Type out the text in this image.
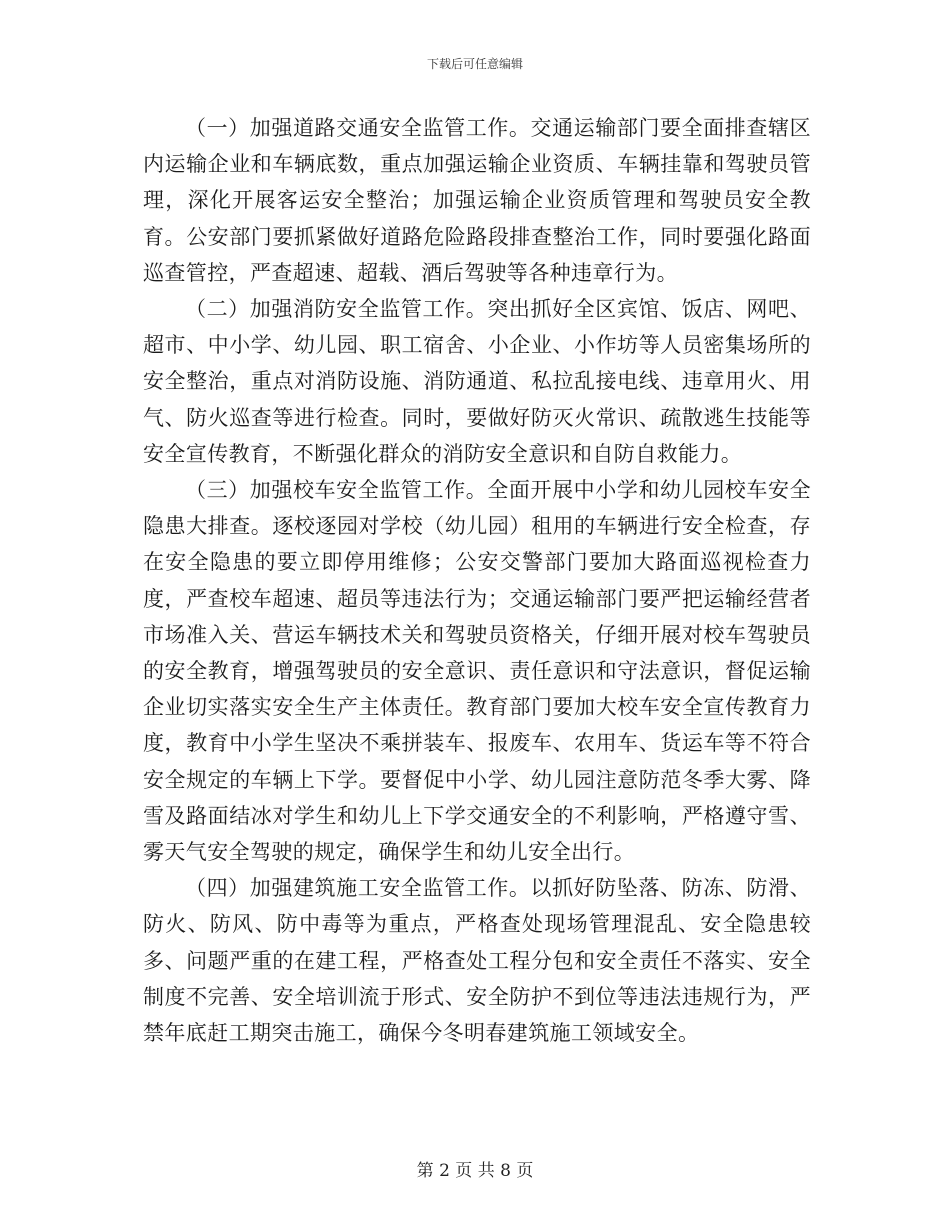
下载后可任意编辑

（一）加强道路交通安全监管工作。交通运输部门要全面排查辖区内运输企业和车辆底数，重点加强运输企业资质、车辆挂靠和驾驶员管理，深化开展客运安全整治；加强运输企业资质管理和驾驶员安全教育。公安部门要抓紧做好道路危险路段排查整治工作，同时要强化路面巡查管控，严查超速、超载、酒后驾驶等各种违章行为。

（二）加强消防安全监管工作。突出抓好全区宾馆、饭店、网吧、超市、中小学、幼儿园、职工宿舍、小企业、小作坊等人员密集场所的安全整治，重点对消防设施、消防通道、私拉乱接电线、违章用火、用气、防火巡查等进行检查。同时，要做好防灭火常识、疏散逃生技能等安全宣传教育，不断强化群众的消防安全意识和自防自救能力。

（三）加强校车安全监管工作。全面开展中小学和幼儿园校车安全隐患大排查。逐校逐园对学校（幼儿园）租用的车辆进行安全检查，存在安全隐患的要立即停用维修；公安交警部门要加大路面巡视检查力度，严查校车超速、超员等违法行为；交通运输部门要严把运输经营者市场准入关、营运车辆技术关和驾驶员资格关，仔细开展对校车驾驶员的安全教育，增强驾驶员的安全意识、责任意识和守法意识，督促运输企业切实落实安全生产主体责任。教育部门要加大校车安全宣传教育力度，教育中小学生坚决不乘拼装车、报废车、农用车、货运车等不符合安全规定的车辆上下学。要督促中小学、幼儿园注意防范冬季大雾、降雪及路面结冰对学生和幼儿上下学交通安全的不利影响，严格遵守雪、雾天气安全驾驶的规定，确保学生和幼儿安全出行。

（四）加强建筑施工安全监管工作。以抓好防坠落、防冻、防滑、防火、防风、防中毒等为重点，严格查处现场管理混乱、安全隐患较多、问题严重的在建工程，严格查处工程分包和安全责任不落实、安全制度不完善、安全培训流于形式、安全防护不到位等违法违规行为，严禁年底赶工期突击施工，确保今冬明春建筑施工领域安全。

第 2 页 共 8 页
